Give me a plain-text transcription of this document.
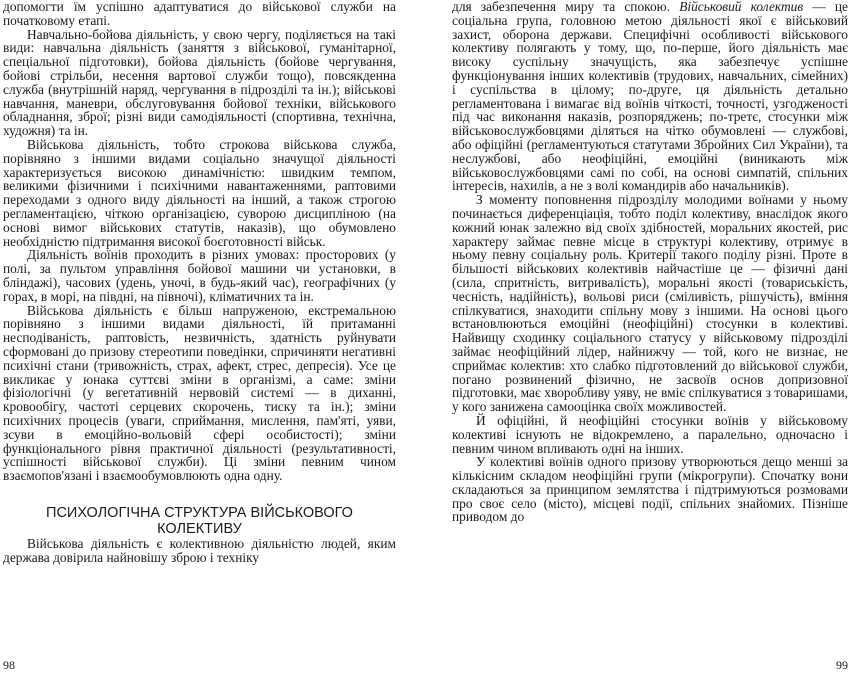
допомогти їм успішно адаптуватися до військової служби на початковому етапі.

Навчально-бойова діяльність, у свою чергу, поділяється на такі види: навчальна діяльність (заняття з військової, гуманітарної, спеціальної підготовки), бойова діяльність (бойове чергування, бойові стрільби, несення вартової служби тощо), повсякденна служба (внутрішній наряд, чергування в підрозділі та ін.); військові навчання, маневри, обслуговування бойової техніки, військового обладнання, зброї; різні види самодіяльності (спортивна, технічна, художня) та ін.

Військова діяльність, тобто строкова військова служба, порівняно з іншими видами соціально значущої діяльності характеризується високою динамічністю: швидким темпом, великими фізичними і психічними навантаженнями, раптовими переходами з одного виду діяльності на інший, а також строгою регламентацією, чіткою організацією, суворою дисципліною (на основі вимог військових статутів, наказів), що обумовлено необхідністю підтримання високої боєготовності військ.

Діяльність воїнів проходить в різних умовах: просторових (у полі, за пультом управління бойової машини чи установки, в бліндажі), часових (удень, уночі, в будь-який час), географічних (у горах, в морі, на півдні, на півночі), кліматичних та ін.

Військова діяльність є більш напруженою, екстремальною порівняно з іншими видами діяльності, їй притаманні несподіваність, раптовість, незвичність, здатність руйнувати сформовані до призову стереотипи поведінки, спричиняти негативні психічні стани (тривожність, страх, афект, стрес, депресія). Усе це викликає у юнака суттєві зміни в організмі, а саме: зміни фізіологічні (у вегетативній нервовій системі — в диханні, кровообігу, частоті серцевих скорочень, тиску та ін.); зміни психічних процесів (уваги, сприймання, мислення, пам'яті, уяви, зсуви в емоційно-вольовій сфері особистості); зміни функціонального рівня практичної діяльності (результативності, успішності військової служби). Ці зміни певним чином взаємопов'язані і взаємообумовлюють одна одну.

ПСИХОЛОГІЧНА СТРУКТУРА ВІЙСЬКОВОГО
КОЛЕКТИВУ

Військова діяльність є колективною діяльністю людей, яким держава довірила найновішу зброю і техніку

98

для забезпечення миру та спокою. Військовий колектив — це соціальна група, головною метою діяльності якої є військовий захист, оборона держави. Специфічні особливості військового колективу полягають у тому, що, по-перше, його діяльність має високу суспільну значущість, яка забезпечує успішне функціонування інших колективів (трудових, навчальних, сімейних) і суспільства в цілому; по-друге, ця діяльність детально регламентована і вимагає від воїнів чіткості, точності, узгодженості під час виконання наказів, розпоряджень; по-третє, стосунки між військовослужбовцями діляться на чітко обумовлені — службові, або офіційні (регламентуються статутами Збройних Сил України), та неслужбові, або неофіційні, емоційні (виникають між військовослужбовцями самі по собі, на основі симпатій, спільних інтересів, нахилів, а не з волі командирів або начальників).

З моменту поповнення підрозділу молодими воїнами у ньому починається диференціація, тобто поділ колективу, внаслідок якого кожний юнак залежно від своїх здібностей, моральних якостей, рис характеру займає певне місце в структурі колективу, отримує в ньому певну соціальну роль. Критерії такого поділу різні. Проте в більшості військових колективів найчастіше це — фізичні дані (сила, спритність, витривалість), моральні якості (товариськість, чесність, надійність), вольові риси (сміливість, рішучість), вміння спілкуватися, знаходити спільну мову з іншими. На основі цього встановлюються емоційні (неофіційні) стосунки в колективі. Найвищу сходинку соціального статусу у військовому підрозділі займає неофіційний лідер, найнижчу — той, кого не визнає, не сприймає колектив: хто слабко підготовлений до військової служби, погано розвинений фізично, не засвоїв основ допризовної підготовки, має хворобливу уяву, не вміє спілкуватися з товаришами, у кого занижена самооцінка своїх можливостей.

Й офіційні, й неофіційні стосунки воїнів у військовому колективі існують не відокремлено, а паралельно, одночасно і певним чином впливають одні на інших.

У колективі воїнів одного призову утворюються дещо менші за кількісним складом неофіційні групи (мікрогрупи). Спочатку вони складаються за принципом землятства і підтримуються розмовами про своє село (місто), місцеві події, спільних знайомих. Пізніше приводом до

99
